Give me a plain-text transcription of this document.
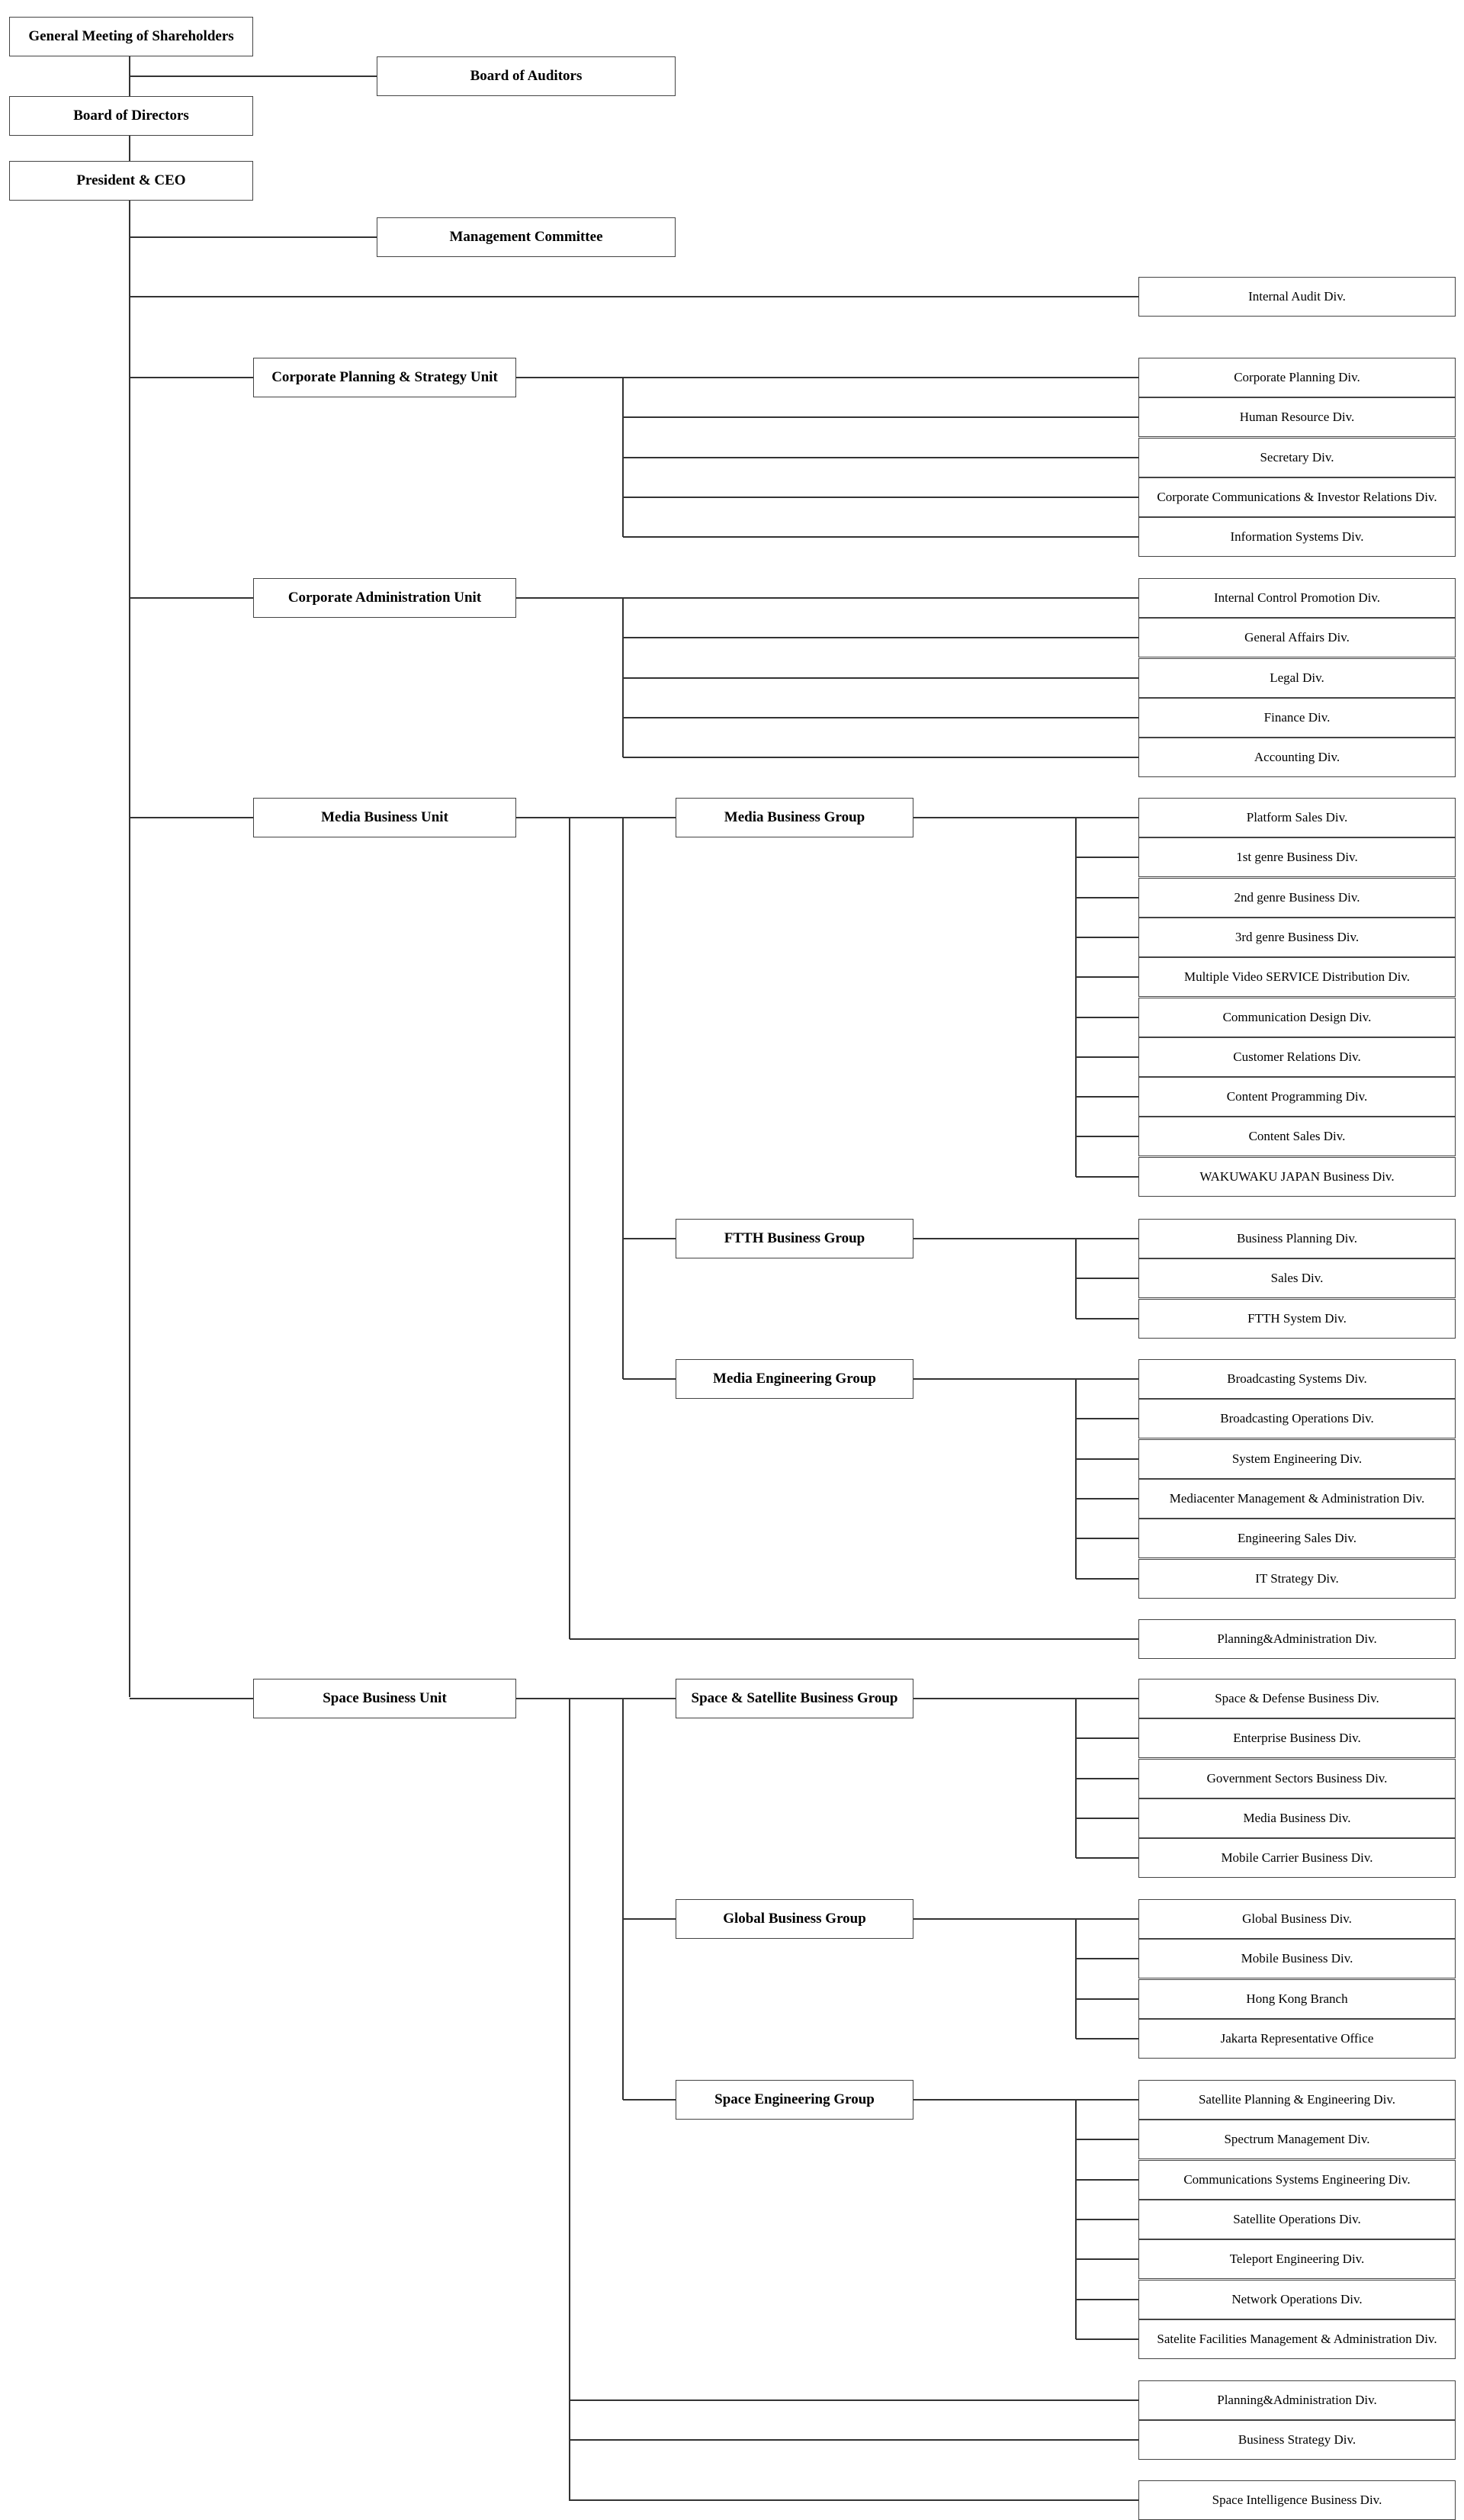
General Meeting of Shareholders
Board of Auditors
Board of Directors
President & CEO
Management Committee
Internal Audit Div.
Corporate Planning & Strategy Unit	Corporate Planning Div.
Human Resource Div.
Secretary Div.
Corporate Communications & Investor Relations Div.
Information Systems Div.
Corporate Administration Unit	Internal Control Promotion Div.
General Affairs Div.
Legal Div.
Finance Div.
Accounting Div.
Media Business Unit	Media Business Group	Platform Sales Div.
1st genre Business Div.
2nd genre Business Div.
3rd genre Business Div.
Multiple Video SERVICE Distribution Div.
Communication Design Div.
Customer Relations Div.
Content Programming Div.
Content Sales Div.
WAKUWAKU JAPAN Business Div.
FTTH Business Group	Business Planning Div.
Sales Div.
FTTH System Div.
Media Engineering Group	Broadcasting Systems Div.
Broadcasting Operations Div.
System Engineering Div.
Mediacenter Management & Administration Div.
Engineering Sales Div.
IT Strategy Div.
Planning&Administration Div.
Space Business Unit	Space & Satellite Business Group	Space & Defense Business Div.
Enterprise Business Div.
Government Sectors Business Div.
Media Business Div.
Mobile Carrier Business Div.
Global Business Group	Global Business Div.
Mobile Business Div.
Hong Kong Branch
Jakarta Representative Office
Space Engineering Group	Satellite Planning & Engineering Div.
Spectrum Management Div.
Communications Systems Engineering Div.
Satellite Operations Div.
Teleport Engineering Div.
Network Operations Div.
Satelite Facilities Management & Administration Div.
Planning&Administration Div.
Business Strategy Div.
Space Intelligence Business Div.
